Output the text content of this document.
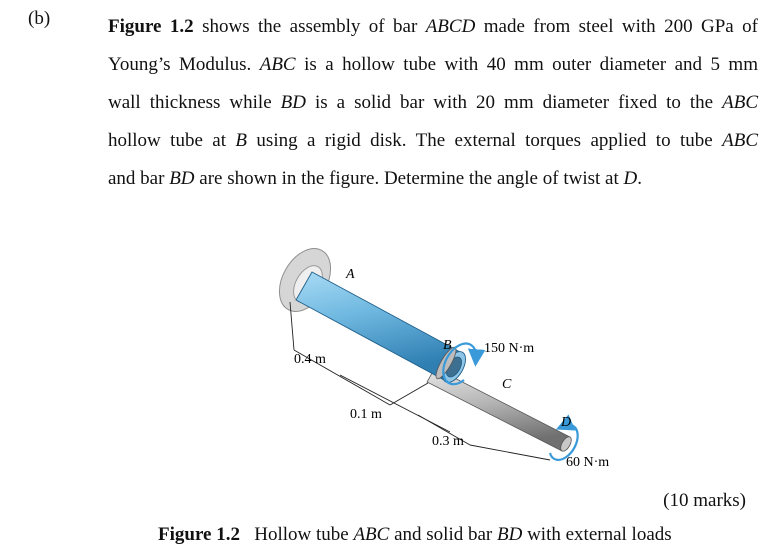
(b)	Figure 1.2 shows the assembly of bar ABCD made from steel with 200 GPa of
Young’s Modulus. ABC is a hollow tube with 40 mm outer diameter and 5 mm
wall thickness while BD is a solid bar with 20 mm diameter fixed to the ABC
hollow tube at B using a rigid disk. The external torques applied to tube ABC
and bar BD are shown in the figure. Determine the angle of twist at D.
A
B
C
D
150 N·m
60 N·m
0.4 m
0.1 m
0.3 m
(10 marks)
Figure 1.2   Hollow tube ABC and solid bar BD with external loads
